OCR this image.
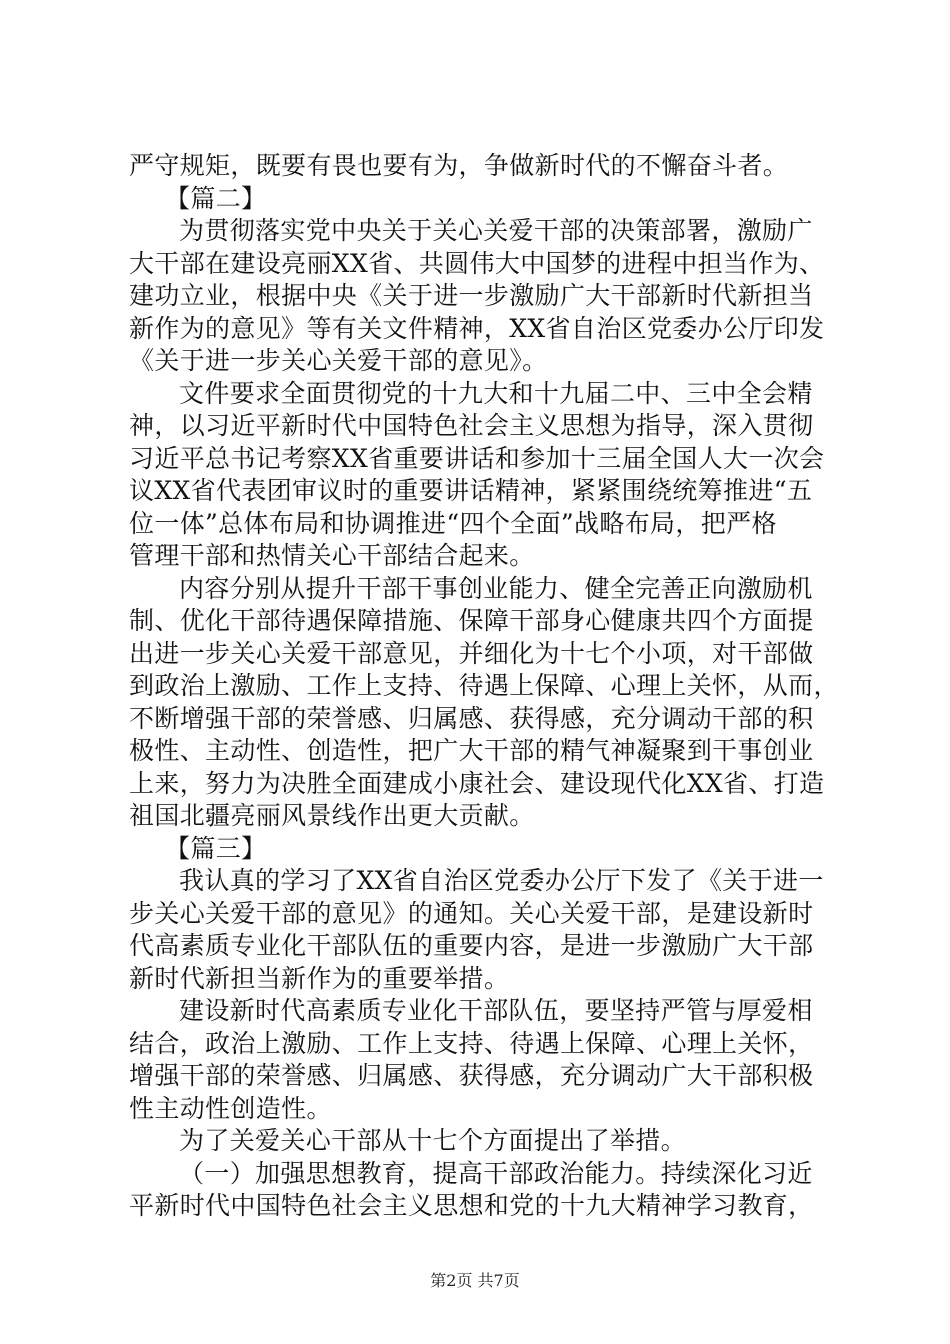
严守规矩，既要有畏也要有为，争做新时代的不懈奋斗者。
【篇二】
为贯彻落实党中央关于关心关爱干部的决策部署，激励广
大干部在建设亮丽XX省、共圆伟大中国梦的进程中担当作为、
建功立业，根据中央《关于进一步激励广大干部新时代新担当
新作为的意见》等有关文件精神，XX省自治区党委办公厅印发
《关于进一步关心关爱干部的意见》。
文件要求全面贯彻党的十九大和十九届二中、三中全会精
神，以习近平新时代中国特色社会主义思想为指导，深入贯彻
习近平总书记考察XX省重要讲话和参加十三届全国人大一次会
议XX省代表团审议时的重要讲话精神，紧紧围绕统筹推进“五
位一体”总体布局和协调推进“四个全面”战略布局，把严格
管理干部和热情关心干部结合起来。
内容分别从提升干部干事创业能力、健全完善正向激励机
制、优化干部待遇保障措施、保障干部身心健康共四个方面提
出进一步关心关爱干部意见，并细化为十七个小项，对干部做
到政治上激励、工作上支持、待遇上保障、心理上关怀，从而，
不断增强干部的荣誉感、归属感、获得感，充分调动干部的积
极性、主动性、创造性，把广大干部的精气神凝聚到干事创业
上来，努力为决胜全面建成小康社会、建设现代化XX省、打造
祖国北疆亮丽风景线作出更大贡献。
【篇三】
我认真的学习了XX省自治区党委办公厅下发了《关于进一
步关心关爱干部的意见》的通知。关心关爱干部，是建设新时
代高素质专业化干部队伍的重要内容，是进一步激励广大干部
新时代新担当新作为的重要举措。
建设新时代高素质专业化干部队伍，要坚持严管与厚爱相
结合，政治上激励、工作上支持、待遇上保障、心理上关怀，
增强干部的荣誉感、归属感、获得感，充分调动广大干部积极
性主动性创造性。
为了关爱关心干部从十七个方面提出了举措。
（一）加强思想教育，提高干部政治能力。持续深化习近
平新时代中国特色社会主义思想和党的十九大精神学习教育，
第2页 共7页
